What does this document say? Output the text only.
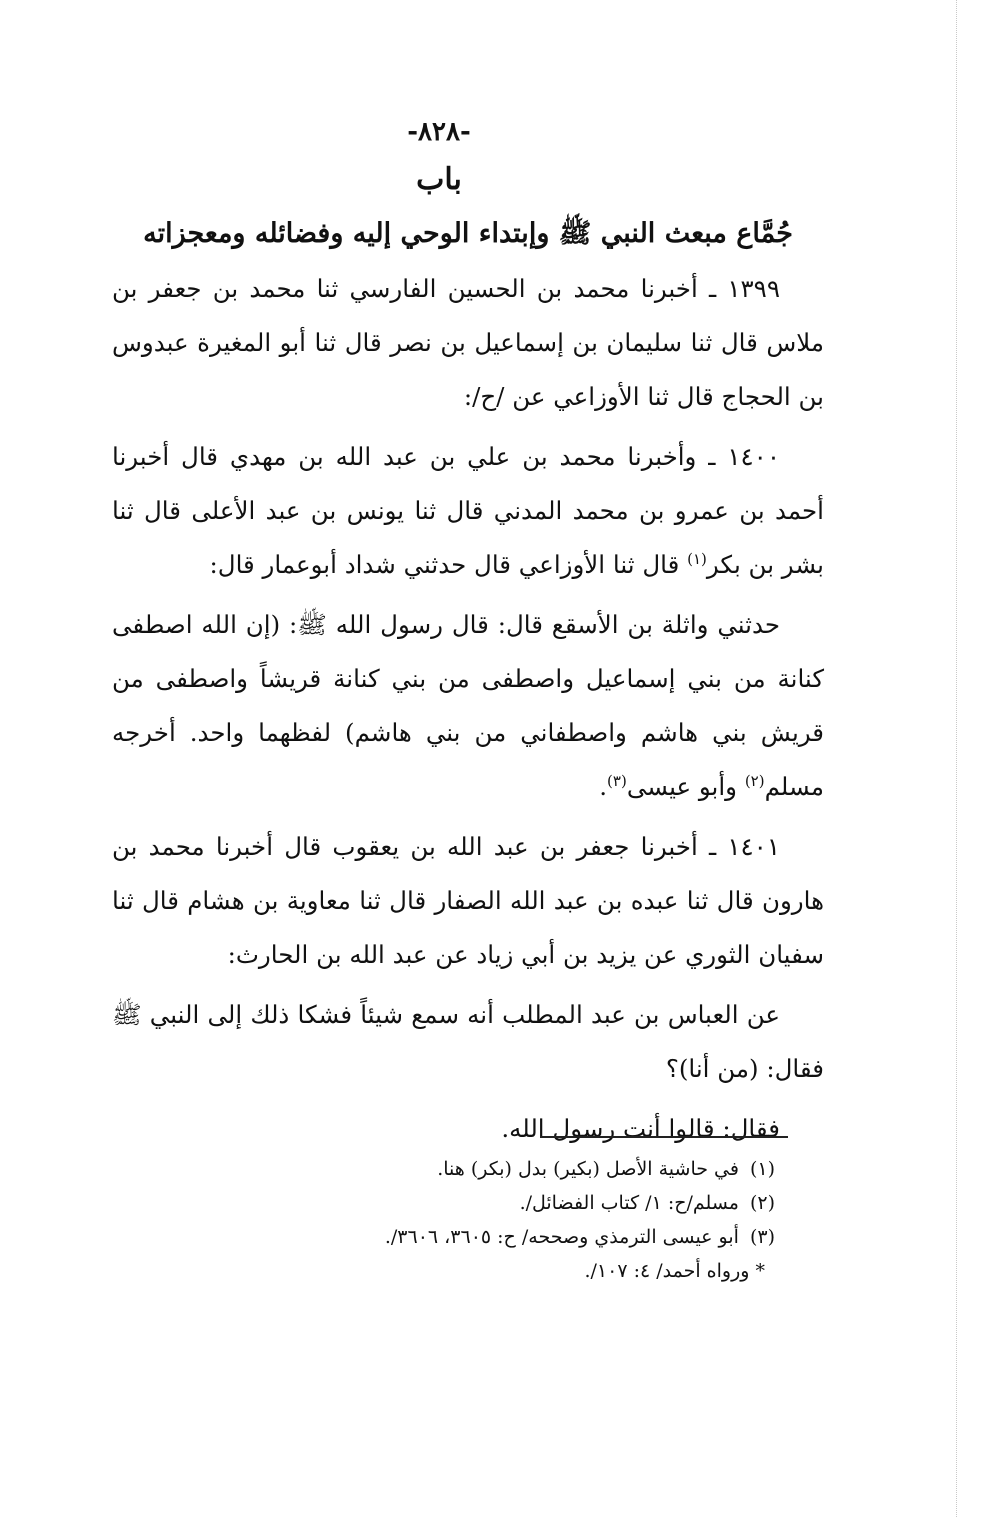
-٨٢٨-
باب
جُمَّاع مبعث النبي ﷺ وإبتداء الوحي إليه وفضائله ومعجزاته

١٣٩٩ ـ أخبرنا محمد بن الحسين الفارسي ثنا محمد بن جعفر بن ملاس قال ثنا سليمان بن إسماعيل بن نصر قال ثنا أبو المغيرة عبدوس بن الحجاج قال ثنا الأوزاعي عن /ح/:

١٤٠٠ ـ وأخبرنا محمد بن علي بن عبد الله بن مهدي قال أخبرنا أحمد بن عمرو بن محمد المدني قال ثنا يونس بن عبد الأعلى قال ثنا بشر بن بكر$^{(١)}$ قال ثنا الأوزاعي قال حدثني شداد أبوعمار قال:

حدثني واثلة بن الأسقع قال: قال رسول الله ﷺ: (إن الله اصطفى كنانة من بني إسماعيل واصطفى من بني كنانة قريشاً واصطفى من قريش بني هاشم واصطفاني من بني هاشم) لفظهما واحد. أخرجه مسلم$^{(٢)}$ وأبو عيسى$^{(٣)}$.

١٤٠١ ـ أخبرنا جعفر بن عبد الله بن يعقوب قال أخبرنا محمد بن هارون قال ثنا عبده بن عبد الله الصفار قال ثنا معاوية بن هشام قال ثنا سفيان الثوري عن يزيد بن أبي زياد عن عبد الله بن الحارث:

عن العباس بن عبد المطلب أنه سمع شيئاً فشكا ذلك إلى النبي ﷺ فقال: (من أنا)؟

فقال: قالوا أنت رسول الله.

(١) في حاشية الأصل (بكير) بدل (بكر) هنا.
(٢) مسلم/ح: ١/ كتاب الفضائل/.
(٣) أبو عيسى الترمذي وصححه/ ح: ٣٦٠٥، ٣٦٠٦/.
* ورواه أحمد/ ٤: ١٠٧/.
